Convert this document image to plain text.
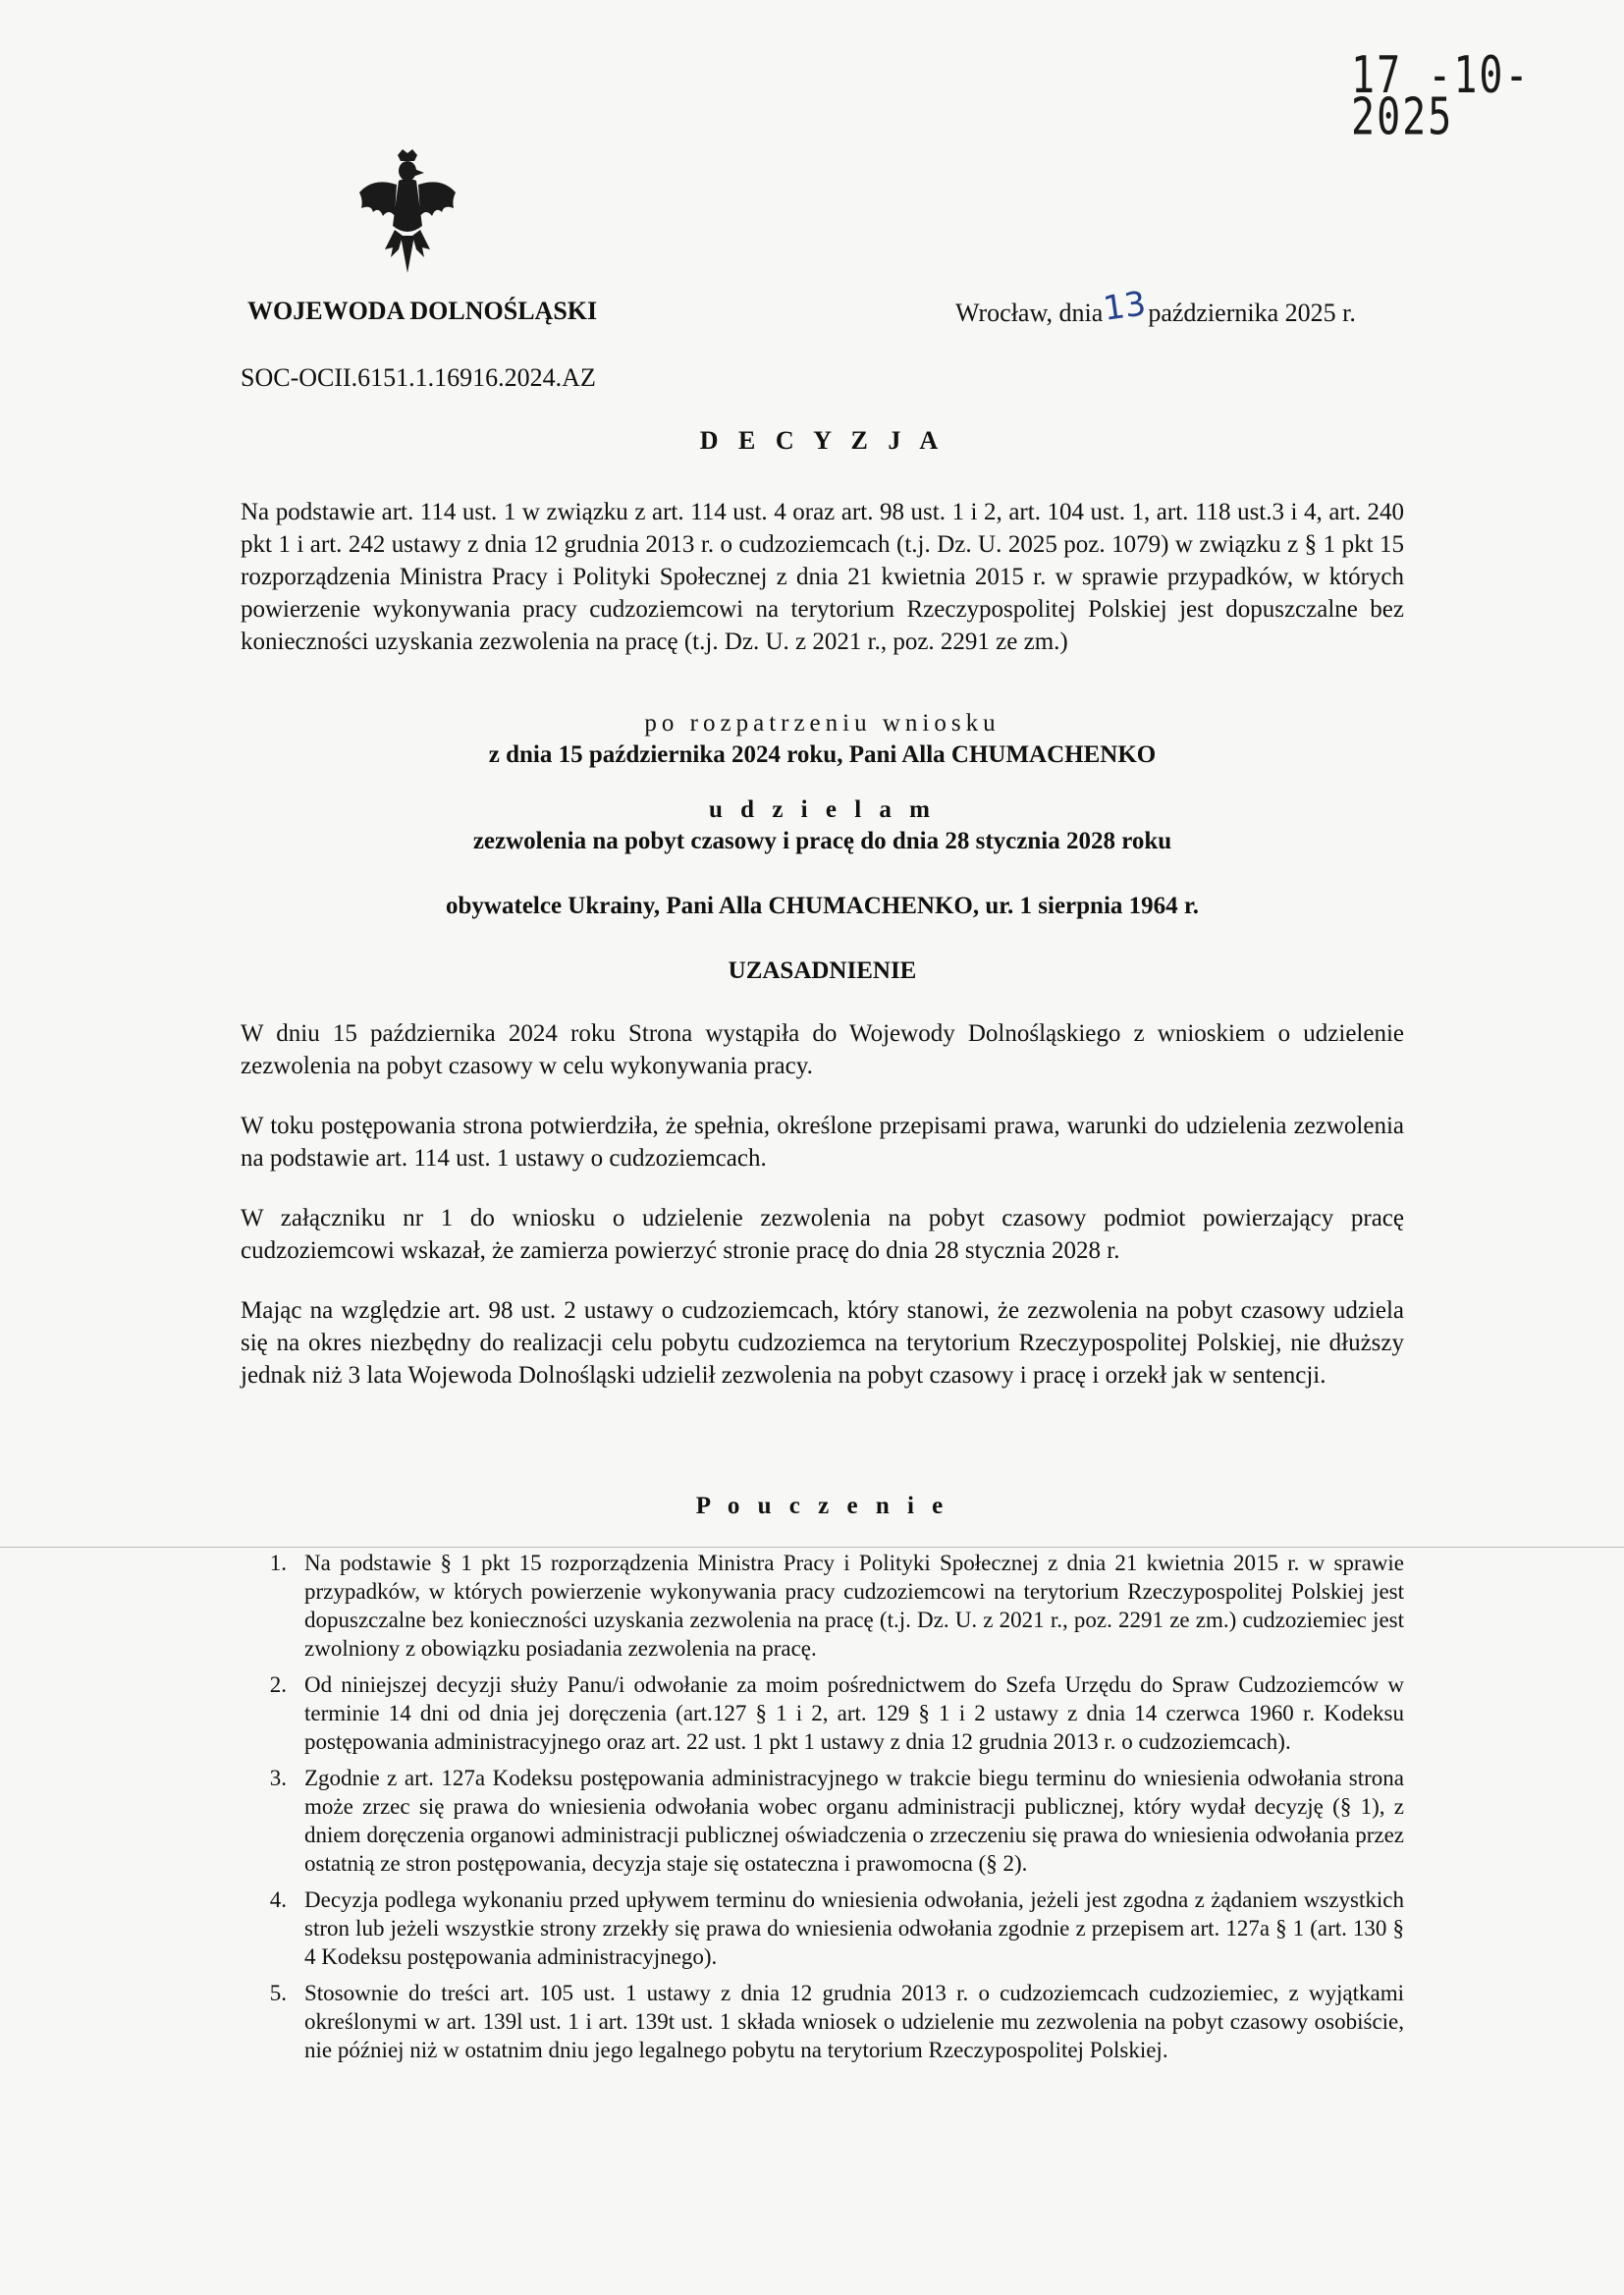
17 -10- 2025
WOJEWODA DOLNOŚLĄSKI	Wrocław, dnia13października 2025 r.
SOC-OCII.6151.1.16916.2024.AZ
D E C Y Z J A
Na podstawie art. 114 ust. 1 w związku z art. 114 ust. 4 oraz art. 98 ust. 1 i 2, art. 104 ust. 1, art. 118 ust.3 i 4, art. 240 pkt 1 i art. 242 ustawy z dnia 12 grudnia 2013 r. o cudzoziemcach (t.j. Dz. U. 2025 poz. 1079) w związku z § 1 pkt 15 rozporządzenia Ministra Pracy i Polityki Społecznej z dnia 21 kwietnia 2015 r. w sprawie przypadków, w których powierzenie wykonywania pracy cudzoziemcowi na terytorium Rzeczypospolitej Polskiej jest dopuszczalne bez konieczności uzyskania zezwolenia na pracę (t.j. Dz. U. z 2021 r., poz. 2291 ze zm.)
po rozpatrzeniu wniosku
z dnia 15 października 2024 roku, Pani Alla CHUMACHENKO
u d z i e l a m
zezwolenia na pobyt czasowy i pracę do dnia 28 stycznia 2028 roku
obywatelce Ukrainy, Pani Alla CHUMACHENKO, ur. 1 sierpnia 1964 r.
UZASADNIENIE
W dniu 15 października 2024 roku Strona wystąpiła do Wojewody Dolnośląskiego z wnioskiem o udzielenie zezwolenia na pobyt czasowy w celu wykonywania pracy.
W toku postępowania strona potwierdziła, że spełnia, określone przepisami prawa, warunki do udzielenia zezwolenia na podstawie art. 114 ust. 1 ustawy o cudzoziemcach.
W załączniku nr 1 do wniosku o udzielenie zezwolenia na pobyt czasowy podmiot powierzający pracę cudzoziemcowi wskazał, że zamierza powierzyć stronie pracę do dnia 28 stycznia 2028 r.
Mając na względzie art. 98 ust. 2 ustawy o cudzoziemcach, który stanowi, że zezwolenia na pobyt czasowy udziela się na okres niezbędny do realizacji celu pobytu cudzoziemca na terytorium Rzeczypospolitej Polskiej, nie dłuższy jednak niż 3 lata Wojewoda Dolnośląski udzielił zezwolenia na pobyt czasowy i pracę i orzekł jak w sentencji.
P o u c z e n i e
1. Na podstawie § 1 pkt 15 rozporządzenia Ministra Pracy i Polityki Społecznej z dnia 21 kwietnia 2015 r. w sprawie przypadków, w których powierzenie wykonywania pracy cudzoziemcowi na terytorium Rzeczypospolitej Polskiej jest dopuszczalne bez konieczności uzyskania zezwolenia na pracę (t.j. Dz. U. z 2021 r., poz. 2291 ze zm.) cudzoziemiec jest zwolniony z obowiązku posiadania zezwolenia na pracę.
2. Od niniejszej decyzji służy Panu/i odwołanie za moim pośrednictwem do Szefa Urzędu do Spraw Cudzoziemców w terminie 14 dni od dnia jej doręczenia (art.127 § 1 i 2, art. 129 § 1 i 2 ustawy z dnia 14 czerwca 1960 r. Kodeksu postępowania administracyjnego oraz art. 22 ust. 1 pkt 1 ustawy z dnia 12 grudnia 2013 r. o cudzoziemcach).
3. Zgodnie z art. 127a Kodeksu postępowania administracyjnego w trakcie biegu terminu do wniesienia odwołania strona może zrzec się prawa do wniesienia odwołania wobec organu administracji publicznej, który wydał decyzję (§ 1), z dniem doręczenia organowi administracji publicznej oświadczenia o zrzeczeniu się prawa do wniesienia odwołania przez ostatnią ze stron postępowania, decyzja staje się ostateczna i prawomocna (§ 2).
4. Decyzja podlega wykonaniu przed upływem terminu do wniesienia odwołania, jeżeli jest zgodna z żądaniem wszystkich stron lub jeżeli wszystkie strony zrzekły się prawa do wniesienia odwołania zgodnie z przepisem art. 127a § 1 (art. 130 § 4 Kodeksu postępowania administracyjnego).
5. Stosownie do treści art. 105 ust. 1 ustawy z dnia 12 grudnia 2013 r. o cudzoziemcach cudzoziemiec, z wyjątkami określonymi w art. 139l ust. 1 i art. 139t ust. 1 składa wniosek o udzielenie mu zezwolenia na pobyt czasowy osobiście, nie później niż w ostatnim dniu jego legalnego pobytu na terytorium Rzeczypospolitej Polskiej.
